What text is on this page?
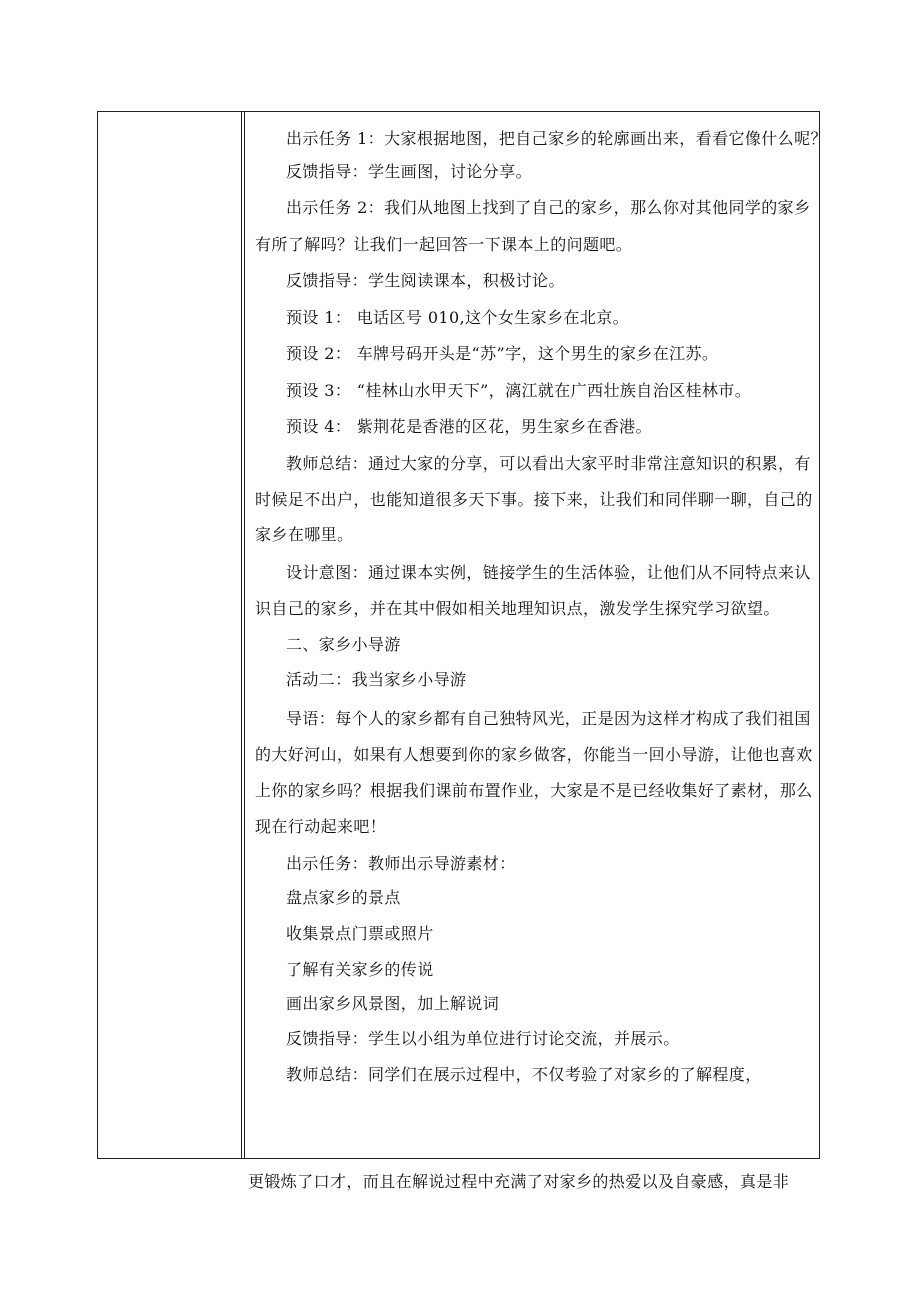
出示任务 1：大家根据地图，把自己家乡的轮廓画出来，看看它像什么呢？
反馈指导：学生画图，讨论分享。
出示任务 2：我们从地图上找到了自己的家乡，那么你对其他同学的家乡
有所了解吗？让我们一起回答一下课本上的问题吧。
反馈指导：学生阅读课本，积极讨论。
预设 1： 电话区号 010,这个女生家乡在北京。
预设 2： 车牌号码开头是“苏”字，这个男生的家乡在江苏。
预设 3： “桂林山水甲天下”，漓江就在广西壮族自治区桂林市。
预设 4： 紫荆花是香港的区花，男生家乡在香港。
教师总结：通过大家的分享，可以看出大家平时非常注意知识的积累，有
时候足不出户，也能知道很多天下事。接下来，让我们和同伴聊一聊，自己的
家乡在哪里。
设计意图：通过课本实例，链接学生的生活体验，让他们从不同特点来认
识自己的家乡，并在其中假如相关地理知识点，激发学生探究学习欲望。
二、家乡小导游
活动二：我当家乡小导游
导语：每个人的家乡都有自己独特风光，正是因为这样才构成了我们祖国
的大好河山，如果有人想要到你的家乡做客，你能当一回小导游，让他也喜欢
上你的家乡吗？根据我们课前布置作业，大家是不是已经收集好了素材，那么
现在行动起来吧！
出示任务：教师出示导游素材：
盘点家乡的景点
收集景点门票或照片
了解有关家乡的传说
画出家乡风景图，加上解说词
反馈指导：学生以小组为单位进行讨论交流，并展示。
教师总结：同学们在展示过程中，不仅考验了对家乡的了解程度，
更锻炼了口才，而且在解说过程中充满了对家乡的热爱以及自豪感，真是非
